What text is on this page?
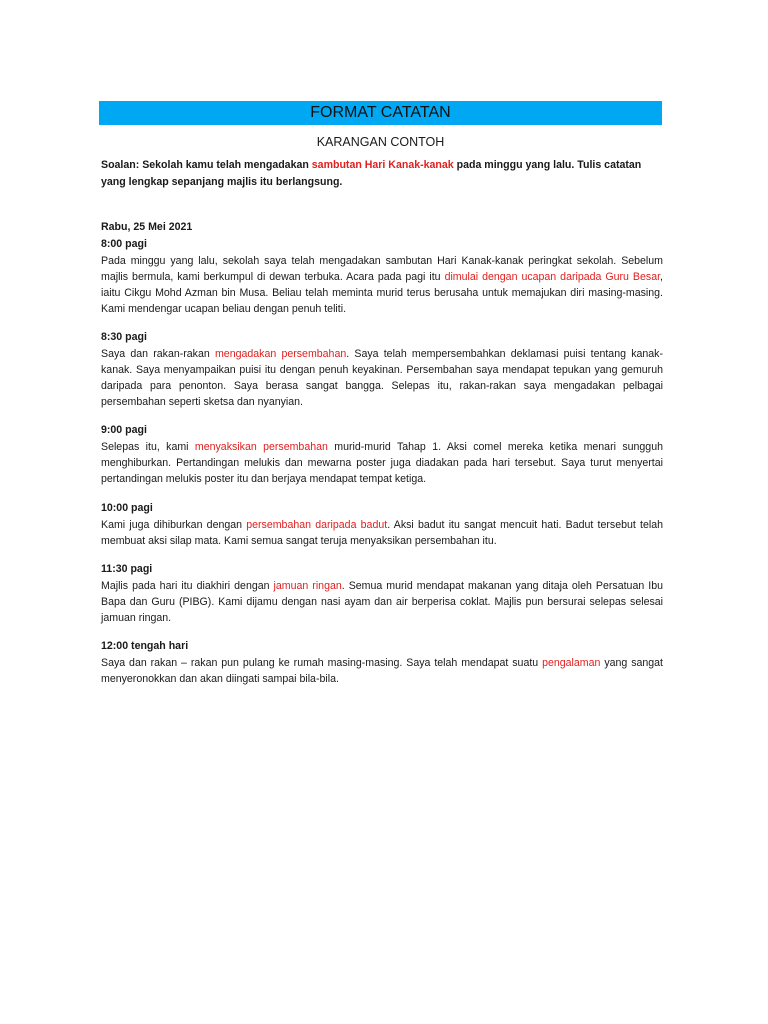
FORMAT CATATAN
KARANGAN CONTOH
Soalan: Sekolah kamu telah mengadakan sambutan Hari Kanak-kanak pada minggu yang lalu. Tulis catatan yang lengkap sepanjang majlis itu berlangsung.
Rabu, 25 Mei 2021
8:00 pagi

Pada minggu yang lalu, sekolah saya telah mengadakan sambutan Hari Kanak-kanak peringkat sekolah. Sebelum majlis bermula, kami berkumpul di dewan terbuka. Acara pada pagi itu dimulai dengan ucapan daripada Guru Besar, iaitu Cikgu Mohd Azman bin Musa. Beliau telah meminta murid terus berusaha untuk memajukan diri masing-masing. Kami mendengar ucapan beliau dengan penuh teliti.

8:30 pagi

Saya dan rakan-rakan mengadakan persembahan. Saya telah mempersembahkan deklamasi puisi tentang kanak-kanak. Saya menyampaikan puisi itu dengan penuh keyakinan. Persembahan saya mendapat tepukan yang gemuruh daripada para penonton. Saya berasa sangat bangga. Selepas itu, rakan-rakan saya mengadakan pelbagai persembahan seperti sketsa dan nyanyian.

9:00 pagi

Selepas itu, kami menyaksikan persembahan murid-murid Tahap 1. Aksi comel mereka ketika menari sungguh menghiburkan. Pertandingan melukis dan mewarna poster juga diadakan pada hari tersebut. Saya turut menyertai pertandingan melukis poster itu dan berjaya mendapat tempat ketiga.

10:00 pagi

Kami juga dihiburkan dengan persembahan daripada badut. Aksi badut itu sangat mencuit hati. Badut tersebut telah membuat aksi silap mata. Kami semua sangat teruja menyaksikan persembahan itu.

11:30 pagi

Majlis pada hari itu diakhiri dengan jamuan ringan. Semua murid mendapat makanan yang ditaja oleh Persatuan Ibu Bapa dan Guru (PIBG). Kami dijamu dengan nasi ayam dan air berperisa coklat. Majlis pun bersurai selepas selesai jamuan ringan.

12:00 tengah hari

Saya dan rakan – rakan pun pulang ke rumah masing-masing. Saya telah mendapat suatu pengalaman yang sangat menyeronokkan dan akan diingati sampai bila-bila.
